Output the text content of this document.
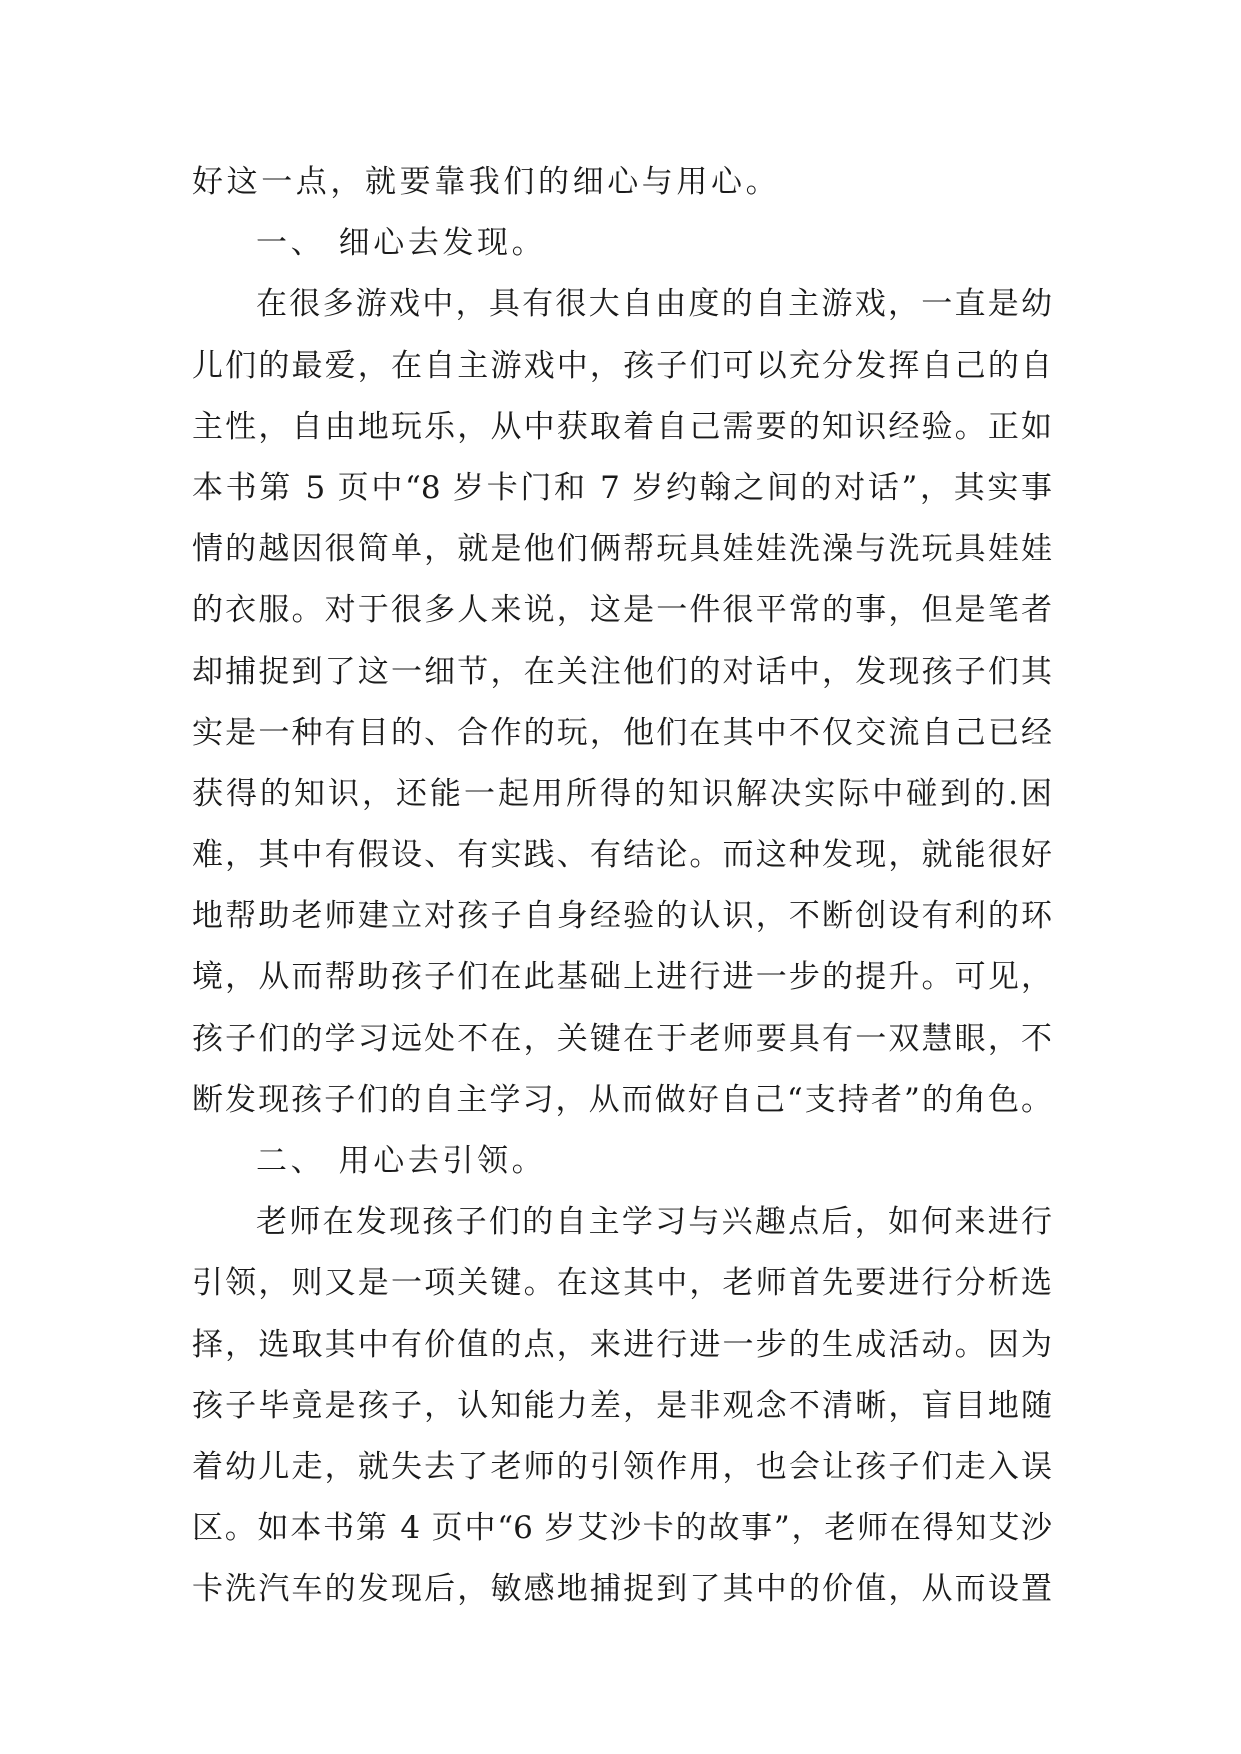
好这一点，就要靠我们的细心与用心。
一、 细心去发现。
在很多游戏中，具有很大自由度的自主游戏，一直是幼
儿们的最爱，在自主游戏中，孩子们可以充分发挥自己的自
主性，自由地玩乐，从中获取着自己需要的知识经验。正如
本书第 5 页中“8 岁卡门和 7 岁约翰之间的对话”，其实事
情的越因很简单，就是他们俩帮玩具娃娃洗澡与洗玩具娃娃
的衣服。对于很多人来说，这是一件很平常的事，但是笔者
却捕捉到了这一细节，在关注他们的对话中，发现孩子们其
实是一种有目的、合作的玩，他们在其中不仅交流自己已经
获得的知识，还能一起用所得的知识解决实际中碰到的.困
难，其中有假设、有实践、有结论。而这种发现，就能很好
地帮助老师建立对孩子自身经验的认识，不断创设有利的环
境，从而帮助孩子们在此基础上进行进一步的提升。可见，
孩子们的学习远处不在，关键在于老师要具有一双慧眼，不
断发现孩子们的自主学习，从而做好自己“支持者”的角色。
二、 用心去引领。
老师在发现孩子们的自主学习与兴趣点后，如何来进行
引领，则又是一项关键。在这其中，老师首先要进行分析选
择，选取其中有价值的点，来进行进一步的生成活动。因为
孩子毕竟是孩子，认知能力差，是非观念不清晰，盲目地随
着幼儿走，就失去了老师的引领作用，也会让孩子们走入误
区。如本书第 4 页中“6 岁艾沙卡的故事”，老师在得知艾沙
卡洗汽车的发现后，敏感地捕捉到了其中的价值，从而设置
